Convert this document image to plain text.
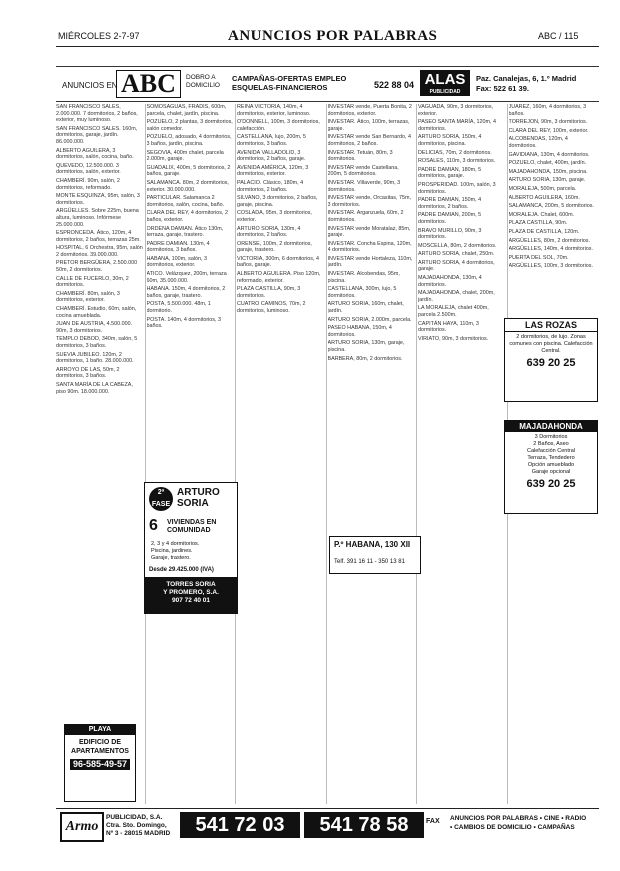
MIÉRCOLES 2-7-97	ANUNCIOS POR PALABRAS	ABC / 115
ANUNCIOS EN ABC	DOBRO A DOMICILIO
CAMPAÑAS-OFERTAS EMPLEO
ESQUELAS-FINANCIEROS	522 88 04 ALAS
PUBLICIDAD
Paz. Canalejas, 6, 1.º Madrid
Fax: 522 61 39.
SAN FRANCISCO SALES, 2.000.000. 7 dormitorios, 2 baños, exterior, muy luminoso.
SAN FRANCISCO SALES. 160m, dormitorios, garaje, jardín. 86.000.000.
ALBERTO AGUILERA, 3 dormitorios, salón, cocina, baño.
QUEVEDO, 12.500.000. 3 dormitorios, salón, exterior.
CHAMBERÍ. 90m, salón, 2 dormitorios, reformado.
MONTE ESQUINZA, 95m, salón, 3 dormitorios.
ARGÜELLES. Sobre 225m, buena altura, luminoso. Infórmese 25.000.000.
ESPRONCEDA. Ático, 120m, 4 dormitorios, 2 baños, terrazas 25m.
HOSPITAL, 6 Orchestra, 95m, salón 2 dormitorios. 39.000.000.
PRETOR BERGÜERA, 2.500.000 50m, 2 dormitorios.
CALLE DE FUCERLO, 30m, 2 dormitorios.
CHAMBERÍ. 80m, salón, 3 dormitorios, exterior.
CHAMBERÍ. Estudio, 60m, salón, cocina amueblada.
JUAN DE AUSTRIA, 4.500.000. 90m, 3 dormitorios.
TEMPLO DEBOD, 340m, salón, 5 dormitorios, 3 baños.
SUEVIA JUBILEO. 120m, 2 dormitorios, 1 baño. 28.000.000.
ARROYO DE LAS, 50m, 2 dormitorios, 3 baños.
SANTA MARÍA DE LA CABEZA, piso 90m. 18.000.000.
SOMOSAGUAS, FRADIS, 600m, parcela, chalet, jardín, piscina.
POZUELO, 2 plantas, 3 dormitorios, salón comedor.
POZUELO, adosado, 4 dormitorios, 3 baños, jardín, piscina.
SEGOVIA, 400m chalet, parcela 2.000m, garaje.
GUADALIX, 400m, 5 dormitorios, 2 baños, garaje.
SALAMANCA. 80m, 2 dormitorios, exterior. 30.000.000.
PARTICULAR. Salamanca 2 dormitorios, salón, cocina, baño.
CLARA DEL REY, 4 dormitorios, 2 baños, exterior.
ORDENA DAMIAN. Ático 130m, terraza, garaje, trastero.
PADRE DAMIAN. 130m, 4 dormitorios, 3 baños.
HABANA, 100m, salón, 3 dormitorios, exterior.
ATICO. Velázquez, 200m, terraza 60m, 35.000.000.
HABANA. 150m, 4 dormitorios, 2 baños, garaje, trastero.
POSTA, 5.500.000. 48m, 1 dormitorio.
POSTA. 140m, 4 dormitorios, 3 baños.
REINA VICTORIA, 140m, 4 dormitorios, exterior, luminoso.
O'DONNELL, 100m, 3 dormitorios, calefacción.
CASTELLANA, lujo, 200m, 5 dormitorios, 3 baños.
AVENIDA VALLADOLID, 3 dormitorios, 2 baños, garaje.
AVENIDA AMÉRICA, 120m, 3 dormitorios, exterior.
PALACIO. Clásico, 180m, 4 dormitorios, 2 baños.
SILVANO, 3 dormitorios, 2 baños, garaje, piscina.
COSLADA, 95m, 3 dormitorios, exterior.
ARTURO SORIA, 130m, 4 dormitorios, 2 baños.
ORENSE, 100m, 2 dormitorios, garaje, trastero.
VICTORIA, 300m, 6 dormitorios, 4 baños, garaje.
ALBERTO AGUILERA. Piso 120m, reformado, exterior.
PLAZA CASTILLA, 90m, 3 dormitorios.
CUATRO CAMINOS, 70m, 2 dormitorios, luminoso.
INVESTAR vende, Puerta Bonita, 2 dormitorios, exterior.
INVESTAR. Ático, 100m, terrazas, garaje.
INVESTAR vende San Bernardo, 4 dormitorios, 2 baños.
INVESTAR. Tetuán, 80m, 3 dormitorios.
INVESTAR vende Castellana, 200m, 5 dormitorios.
INVESTAR. Villaverde, 90m, 3 dormitorios.
INVESTAR vende, Orcasitas, 75m, 3 dormitorios.
INVESTAR. Arganzuela, 60m, 2 dormitorios.
INVESTAR vende Moratalaz, 85m, garaje.
INVESTAR. Concha Espina, 120m, 4 dormitorios.
INVESTAR vende Hortaleza, 110m, jardín.
INVESTAR. Alcobendas, 95m, piscina.
CASTELLANA, 300m, lujo, 5 dormitorios.
ARTURO SORIA, 160m, chalet, jardín.
ARTURO SORIA, 2.000m, parcela.
PASEO HABANA, 150m, 4 dormitorios.
ARTURO SORIA, 130m, garaje, piscina.
BARBERA, 80m, 2 dormitorios.
VAGUADA, 90m, 3 dormitorios, exterior.
PASEO SANTA MARÍA, 120m, 4 dormitorios.
ARTURO SORIA, 150m, 4 dormitorios, piscina.
DELICIAS, 70m, 2 dormitorios.
ROSALES, 110m, 3 dormitorios.
PADRE DAMIAN, 180m, 5 dormitorios, garaje.
PROSPERIDAD. 100m, salón, 3 dormitorios.
PADRE DAMIAN, 150m, 4 dormitorios, 2 baños.
PADRE DAMIAN, 200m, 5 dormitorios.
BRAVO MURILLO, 90m, 3 dormitorios.
MOSCELLA, 80m, 2 dormitorios.
ARTURO SORIA, chalet, 250m.
ARTURO SORIA, 4 dormitorios, garaje.
MAJADAHONDA, 130m, 4 dormitorios.
MAJADAHONDA, chalet, 200m, jardín.
LA MORALEJA, chalet 400m, parcela 2.500m.
CAPITÁN HAYA, 110m, 3 dormitorios.
VIRIATO, 90m, 3 dormitorios.
JUÁREZ, 160m, 4 dormitorios, 3 baños.
TORREJON, 90m, 3 dormitorios.
CLARA DEL REY, 100m, exterior.
ALCOBENDAS, 120m, 4 dormitorios.
GAVIDIANA, 130m, 4 dormitorios.
POZUELO, chalet, 400m, jardín.
MAJADAHONDA, 150m, piscina.
ARTURO SORIA, 130m, garaje.
MORALEJA, 500m, parcela.
ALBERTO AGUILERA, 160m.
SALAMANCA, 200m, 5 dormitorios.
MORALEJA. Chalet, 600m.
PLAZA CASTILLA, 90m.
PLAZA DE CASTILLA, 120m.
ARGÜELLES, 80m, 2 dormitorios.
ARGÜELLES, 140m, 4 dormitorios.
PUERTA DEL SOL, 70m.
ARGÜELLES, 100m, 3 dormitorios.
2ª FASE
ARTURO SORIA
6 VIVIENDAS EN COMUNIDAD
2, 3 y 4 dormitorios.
Piscina, jardines.
Garaje, trastero.
Desde 29.425.000 (IVA)
TORRES SORIA
Y PROMERO, S.A.
907 72 40 01
P.º HABANA, 130 XII
Telf. 391 16 11 - 350 13 81
LAS ROZAS
2 dormitorios, de lujo. Zonas comunes con piscina. Calefacción Central.
639 20 25
MAJADAHONDA
3 Dormitorios
2 Baños, Aseo
Calefacción Central
Terraza, Tendedero
Opción amueblado
Garaje opcional
639 20 25
PLAYA
EDIFICIO DE
APARTAMENTOS
96-585-49-57
Armo
PUBLICIDAD, S.A.
Ctra. Sto. Domingo,
Nº 3 - 28015 MADRID	541 72 03	541 78 58	FAX ANUNCIOS POR PALABRAS • CINE • RADIO
• CAMBIOS DE DOMICILIO • CAMPAÑAS
